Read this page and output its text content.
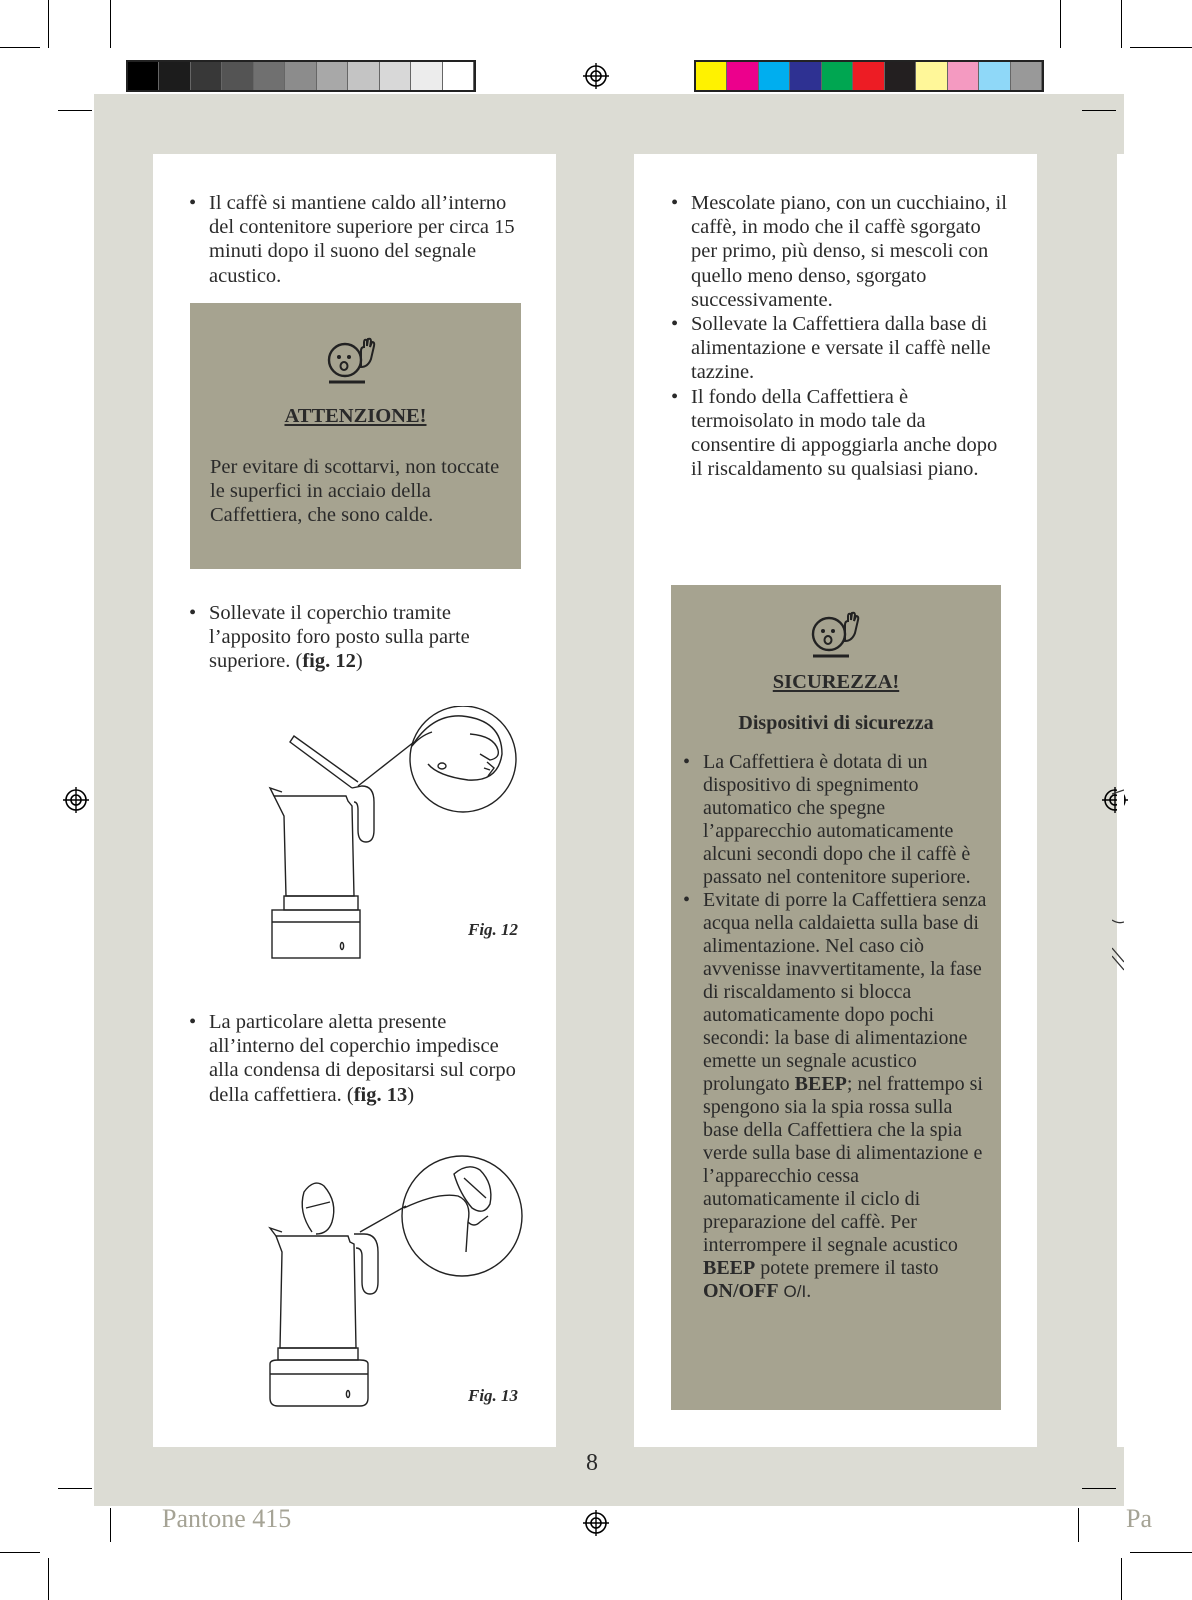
• Il caffè si mantiene caldo all’interno del contenitore superiore per circa 15 minuti dopo il suono del segnale acustico.
ATTENZIONE!
Per evitare di scottarvi, non toccate le superfici in acciaio della Caffettiera, che sono calde.
• Sollevate il coperchio tramite l’apposito foro posto sulla parte superiore. (fig. 12)
Fig. 12
• La particolare aletta presente all’interno del coperchio impedisce alla condensa di depositarsi sul corpo della caffettiera. (fig. 13)
Fig. 13
• Mescolate piano, con un cucchiaino, il caffè, in modo che il caffè sgorgato per primo, più denso, si mescoli con quello meno denso, sgorgato successivamente.
• Sollevate la Caffettiera dalla base di alimentazione e versate il caffè nelle tazzine.
• Il fondo della Caffettiera è termoisolato in modo tale da consentire di appoggiarla anche dopo il riscaldamento su qualsiasi piano.
SICUREZZA!
Dispositivi di sicurezza
• La Caffettiera è dotata di un dispositivo di spegnimento automatico che spegne l’apparecchio automaticamente alcuni secondi dopo che il caffè è passato nel contenitore superiore.
• Evitate di porre la Caffettiera senza acqua nella caldaietta sulla base di alimentazione. Nel caso ciò avvenisse inavvertitamente, la fase di riscaldamento si blocca automaticamente dopo pochi secondi: la base di alimentazione emette un segnale acustico prolungato BEEP; nel frattempo si spengono sia la spia rossa sulla base della Caffettiera che la spia verde sulla base di alimentazione e l’apparecchio cessa automaticamente il ciclo di preparazione del caffè. Per interrompere il segnale acustico BEEP potete premere il tasto ON/OFF O/I.
8
Pantone 415	Pa
